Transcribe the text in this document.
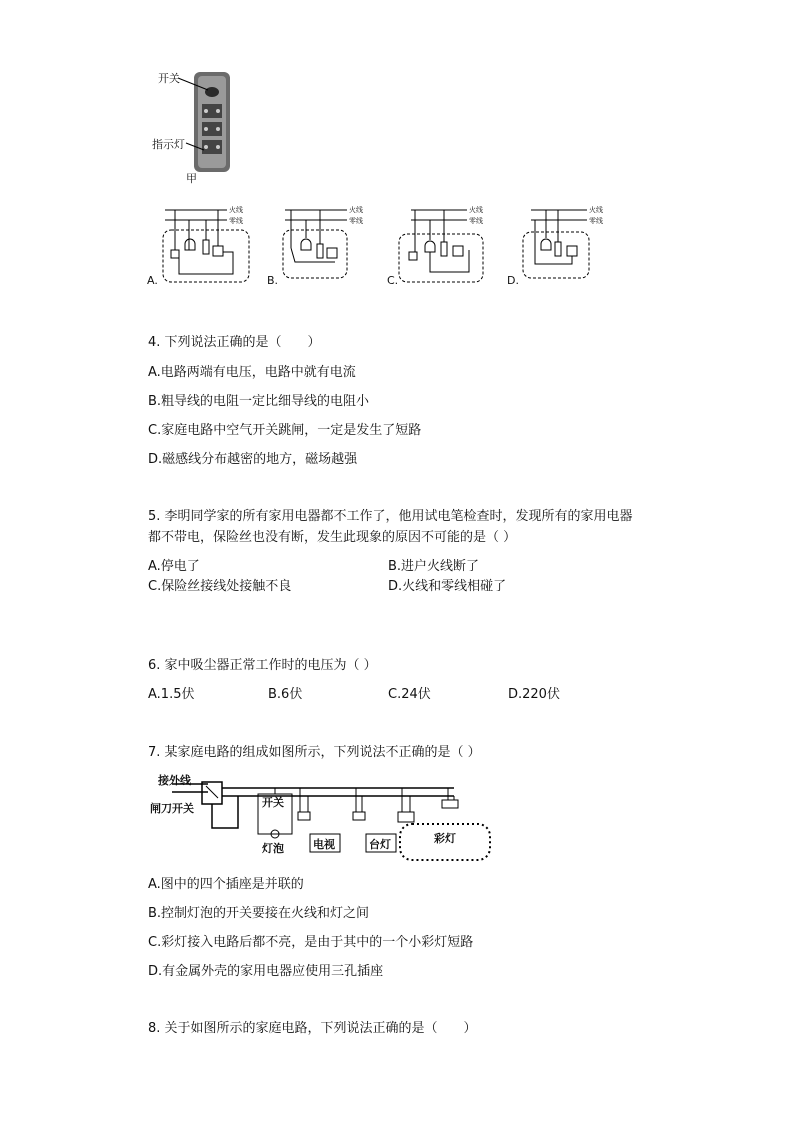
开关
指示灯
甲
A.
火线
零线
B.
火线
零线
C.
火线
零线
D.
火线
零线
4. 下列说法正确的是（　　）
A.电路两端有电压，电路中就有电流
B.粗导线的电阻一定比细导线的电阻小
C.家庭电路中空气开关跳闸，一定是发生了短路
D.磁感线分布越密的地方，磁场越强
5. 李明同学家的所有家用电器都不工作了，他用试电笔检查时，发现所有的家用电器
都不带电，保险丝也没有断，发生此现象的原因不可能的是（ ）
A.停电了	B.进户火线断了
C.保险丝接线处接触不良	D.火线和零线相碰了
6. 家中吸尘器正常工作时的电压为（ ）
A.1.5伏	B.6伏	C.24伏	D.220伏
7. 某家庭电路的组成如图所示，下列说法不正确的是（ ）
接外线
闸刀开关	开关
灯泡	电视	台灯	彩灯
A.图中的四个插座是并联的
B.控制灯泡的开关要接在火线和灯之间
C.彩灯接入电路后都不亮，是由于其中的一个小彩灯短路
D.有金属外壳的家用电器应使用三孔插座
8. 关于如图所示的家庭电路，下列说法正确的是（　　）
